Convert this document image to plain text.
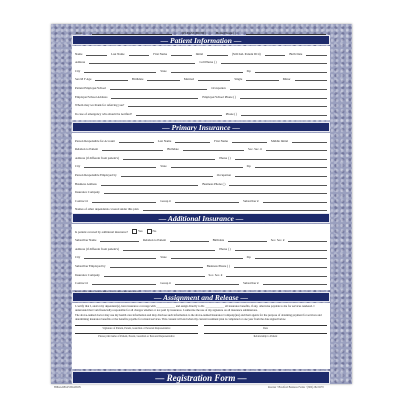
Date	(PLEASE PRINT)	Home Phone ( )
— Patient Information —
Name	Last Name	First Name	Initial	(SOCIAL Patient ID #)	Birth Date
Address	Cell Phone ( )
City	State	Zip
Sex M F Age	Birthdate	Married	Single	Minor
Patient Employer/School	Occupation
Employer/School Address	Employer/School Phone ( )
Whom may we thank for referring you?
In case of emergency who should be notified?	Phone ( )
— Primary Insurance —
Person Responsible for Account	Last Name	First Name	Middle Initial
Relation to Patient	Birthdate	Soc. Sec. #
Address (if different from patient's)	Phone ( )
City	State	Zip
Person Responsible Employed by	Occupation
Business Address	Business Phone ( )
Insurance Company
Contract #	Group #	Subscriber #
Names of other dependents covered under this plan
— Additional Insurance —
Is patient covered by additional insurance?	Yes	No
Subscriber Name	Relation to Patient	Birthdate	Soc. Sec. #
Address (if different from patient's)	Phone ( )
City	State	Zip
Subscriber Employed by	Business Phone ( )
Insurance Company	Soc. Sec. #
Contract #	Group #	Subscriber #
— Assignment and Release —
I certify that I, and/or my dependent(s), have insurance coverage with _____________ and assign directly to Dr. _____________ all insurance benefits, if any, otherwise payable to me for services rendered. I understand that I am financially responsible for all charges whether or not paid by insurance. I authorize the use of my signature on all insurance submissions.
The above-named doctor may use my health care information and may disclose such information to the above-named Insurance Company(ies) and their agents for the purpose of obtaining payment for services and determining insurance benefits or the benefits payable for related services. This consent will end when my current treatment plan is completed or one year from the date signed below.
Signature of Patient, Parent, Guardian or Personal Representative	Date
Please print name of Patient, Parent, Guardian or Personal Representative	Relationship to Patient
— Registration Form —
HIPAA REGISTRATION	Reorder • Bradford Business Forms • (800) 282-8278
